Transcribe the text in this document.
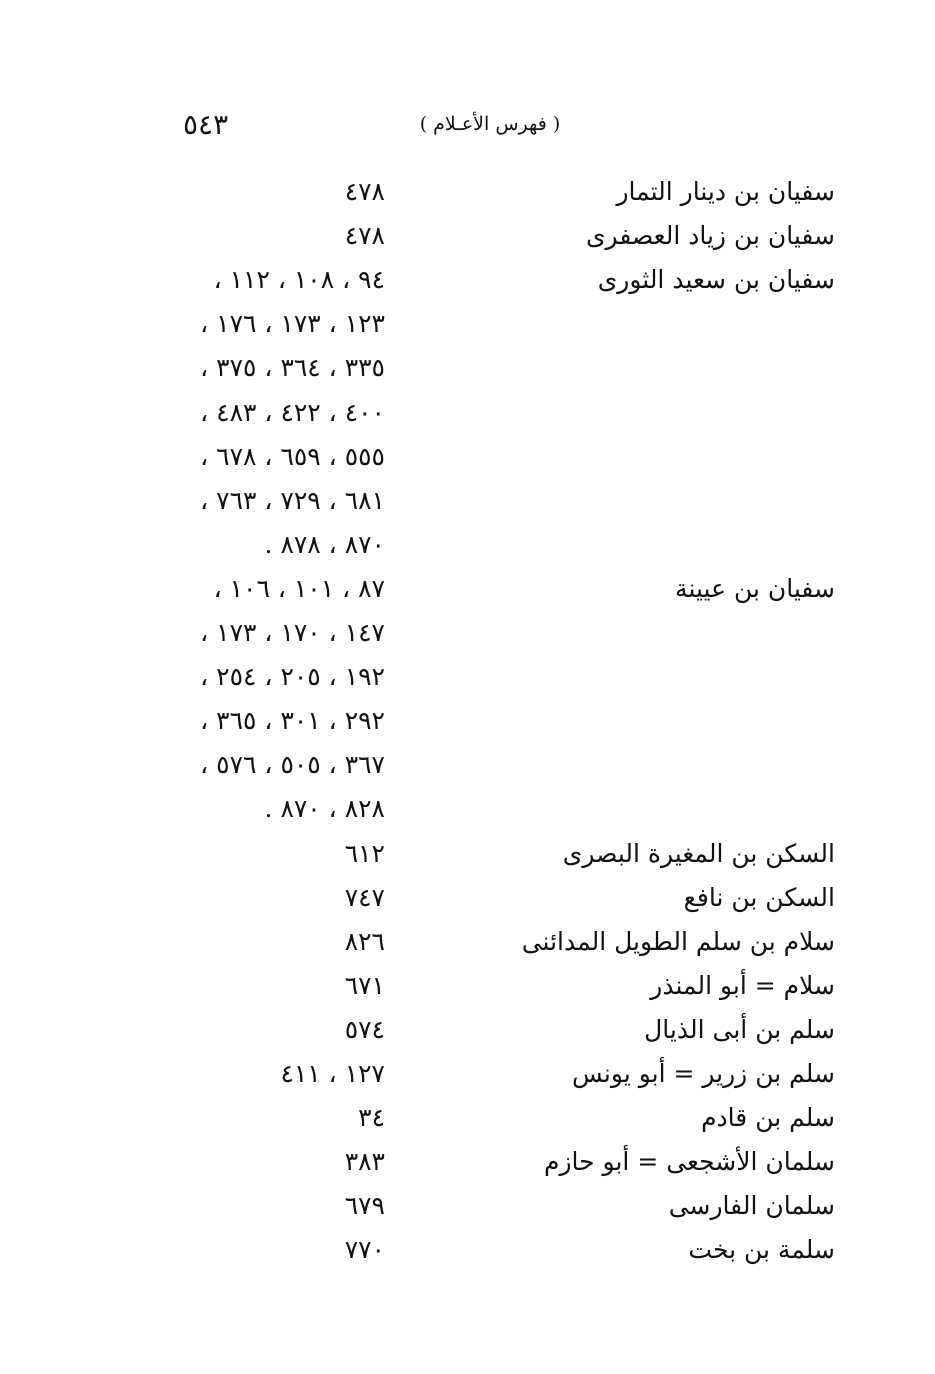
٥٤٣	( فهرس الأعـلام )
سفيان بن دينار التمار
٤٧٨
سفيان بن زياد العصفرى
٤٧٨
سفيان بن سعيد الثورى
٩٤ ، ١٠٨ ، ١١٢ ،
١٢٣ ، ١٧٣ ، ١٧٦ ،
٣٣٥ ، ٣٦٤ ، ٣٧٥ ،
٤٠٠ ، ٤٢٢ ، ٤٨٣ ،
٥٥٥ ، ٦٥٩ ، ٦٧٨ ،
٦٨١ ، ٧٢٩ ، ٧٦٣ ،
٨٧٠ ، ٨٧٨ .
سفيان بن عيينة
٨٧ ، ١٠١ ، ١٠٦ ،
١٤٧ ، ١٧٠ ، ١٧٣ ،
١٩٢ ، ٢٠٥ ، ٢٥٤ ،
٢٩٢ ، ٣٠١ ، ٣٦٥ ،
٣٦٧ ، ٥٠٥ ، ٥٧٦ ،
٨٢٨ ، ٨٧٠ .
السكن بن المغيرة البصرى
٦١٢
السكن بن نافع
٧٤٧
سلام بن سلم الطويل المدائنى
٨٢٦
سلام = أبو المنذر
٦٧١
سلم بن أبى الذيال
٥٧٤
سلم بن زرير = أبو يونس
١٢٧ ، ٤١١
سلم بن قادم
٣٤
سلمان الأشجعى = أبو حازم
٣٨٣
سلمان الفارسى
٦٧٩
سلمة بن بخت
٧٧٠
